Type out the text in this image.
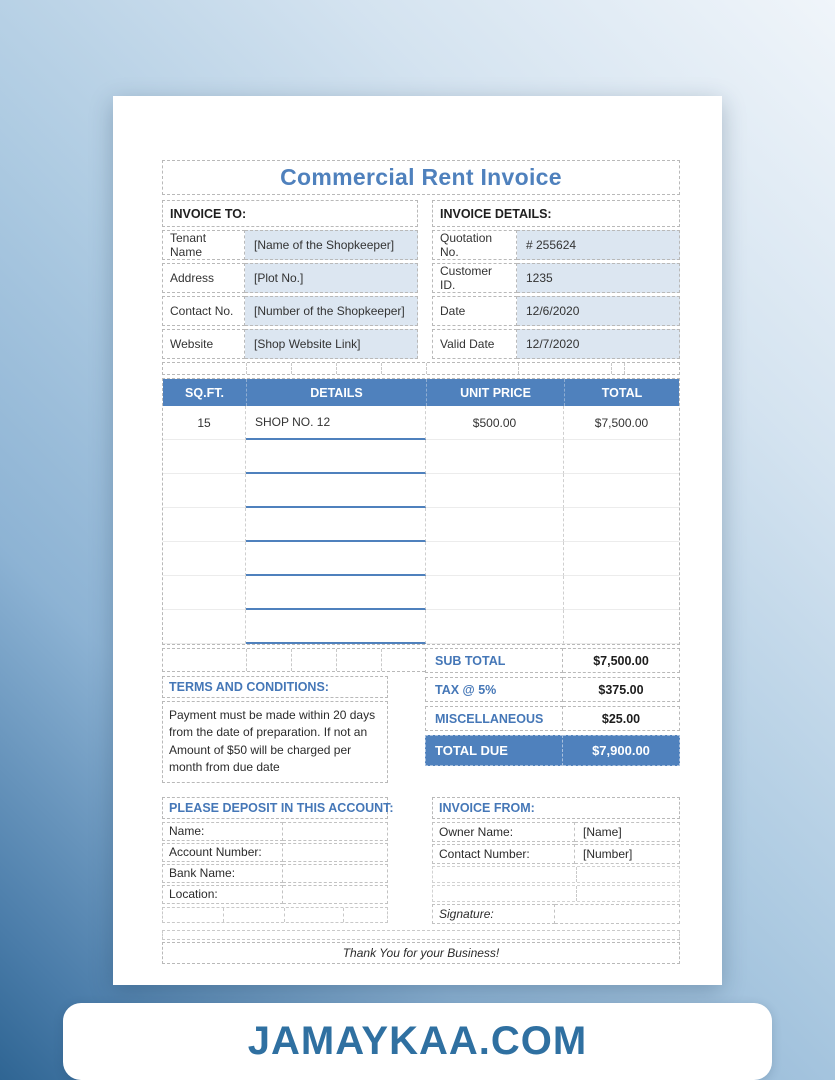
Commercial Rent Invoice
INVOICE TO:
Tenant Name	[Name of the Shopkeeper]
Address	[Plot No.]
Contact No.	[Number of the Shopkeeper]
Website	[Shop Website Link]
INVOICE DETAILS:
Quotation No.	# 255624
Customer ID.	1235
Date	12/6/2020
Valid Date	12/7/2020
SQ.FT.	DETAILS	UNIT PRICE	TOTAL
15	SHOP NO. 12	$500.00	$7,500.00
TERMS AND CONDITIONS:
Payment must be made within 20 days from the date of preparation. If not an Amount of $50 will be charged per month from due date
SUB TOTAL	$7,500.00
TAX @ 5%	$375.00
MISCELLANEOUS	$25.00
TOTAL DUE	$7,900.00
PLEASE DEPOSIT IN THIS ACCOUNT:
Name:
Account Number:
Bank Name:
Location:
INVOICE FROM:
Owner Name:	[Name]
Contact Number:	[Number]
Signature:
Thank You for your Business!
JAMAYKAA.COM
